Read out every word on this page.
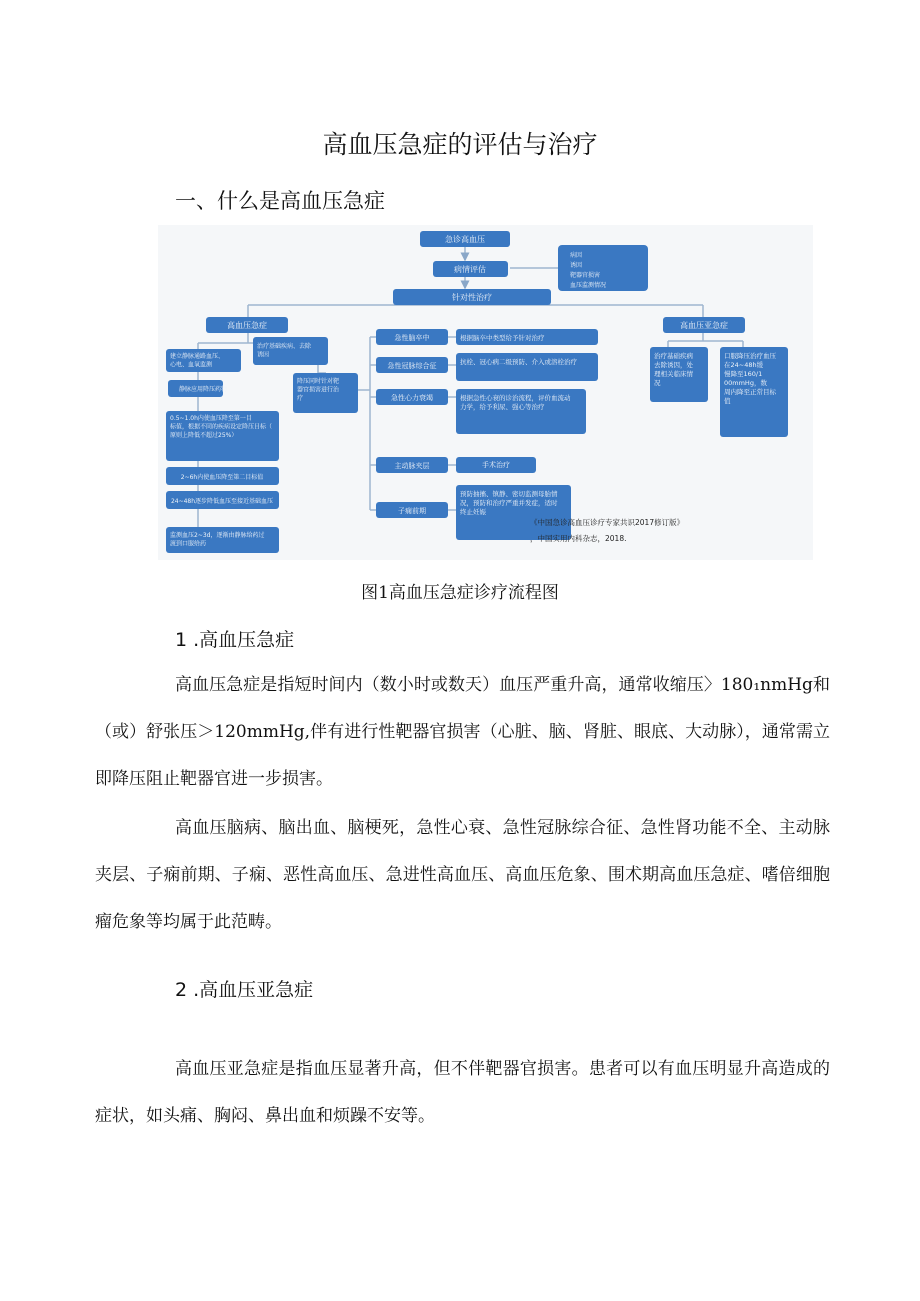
高血压急症的评估与治疗
一、什么是高血压急症
急诊高血压
病情评估
针对性治疗
高血压急症	高血压亚急症
病因
诱因
靶器官损害
血压监测情况
急性脑卒中
急性冠脉综合征
急性心力衰竭
主动脉夹层
子痫前期
手术治疗
静脉应用降压药物
2~6h内使血压降至第二目标值
24~48h逐步降低血压至接近基础血压
《中国急诊高血压诊疗专家共识2017修订版》
，中国实用内科杂志，2018.
建立静脉通路血压、心电、血氧监测
0.5~1.0h内使血压降至第一目标值，根据不同的疾病设定降压目标（原则上降低不超过25%）
监测血压2~3d，逐渐由静脉给药过渡到口服给药
治疗基础疾病、去除诱因
降压同时针对靶器官损害进行治疗
根据脑卒中类型给予针对治疗
抗栓、冠心病二级预防、介入或溶栓治疗
根据急性心衰的诊治流程，评价血流动力学，给予利尿、强心等治疗
预防抽搐、镇静、密切监测母胎情况，预防和治疗严重并发症，适时终止妊娠
治疗基础疾病去除诱因，处理相关临床情况
口服降压治疗血压在24~48h缓慢降至160/1 00mmHg，数周内降至正常目标值
图1高血压急症诊疗流程图
1 .高血压急症
高血压急症是指短时间内（数小时或数天）血压严重升高，通常收缩压〉180₁nmHg和（或）舒张压＞120mmHg,伴有进行性靶器官损害（心脏、脑、肾脏、眼底、大动脉），通常需立即降压阻止靶器官进一步损害。
高血压脑病、脑出血、脑梗死，急性心衰、急性冠脉综合征、急性肾功能不全、主动脉夹层、子痫前期、子痫、恶性高血压、急进性高血压、高血压危象、围术期高血压急症、嗜倍细胞瘤危象等均属于此范畴。
2 .高血压亚急症
高血压亚急症是指血压显著升高，但不伴靶器官损害。患者可以有血压明显升高造成的症状，如头痛、胸闷、鼻出血和烦躁不安等。
